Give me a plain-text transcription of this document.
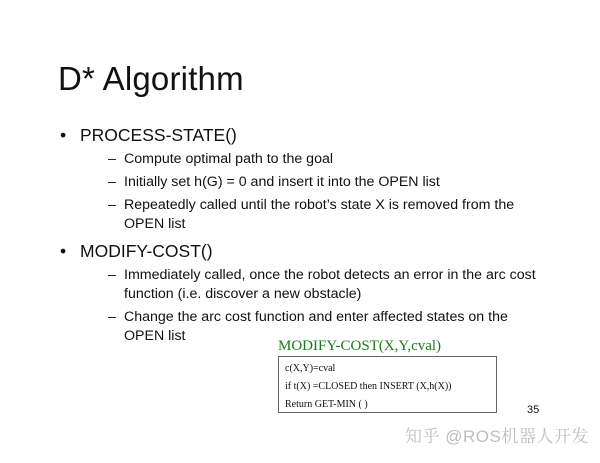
D* Algorithm
• PROCESS-STATE()
– Compute optimal path to the goal
– Initially set h(G) = 0 and insert it into the OPEN list
– Repeatedly called until the robot’s state X is removed from the OPEN list
• MODIFY-COST()
– Immediately called, once the robot detects an error in the arc cost function (i.e. discover a new obstacle)
– Change the arc cost function and enter affected states on the OPEN list
MODIFY-COST(X,Y,cval)
c(X,Y)=cval
if t(X) =CLOSED then INSERT (X,h(X))
Return GET-MIN ( )	35
知乎 @ROS机器人开发
